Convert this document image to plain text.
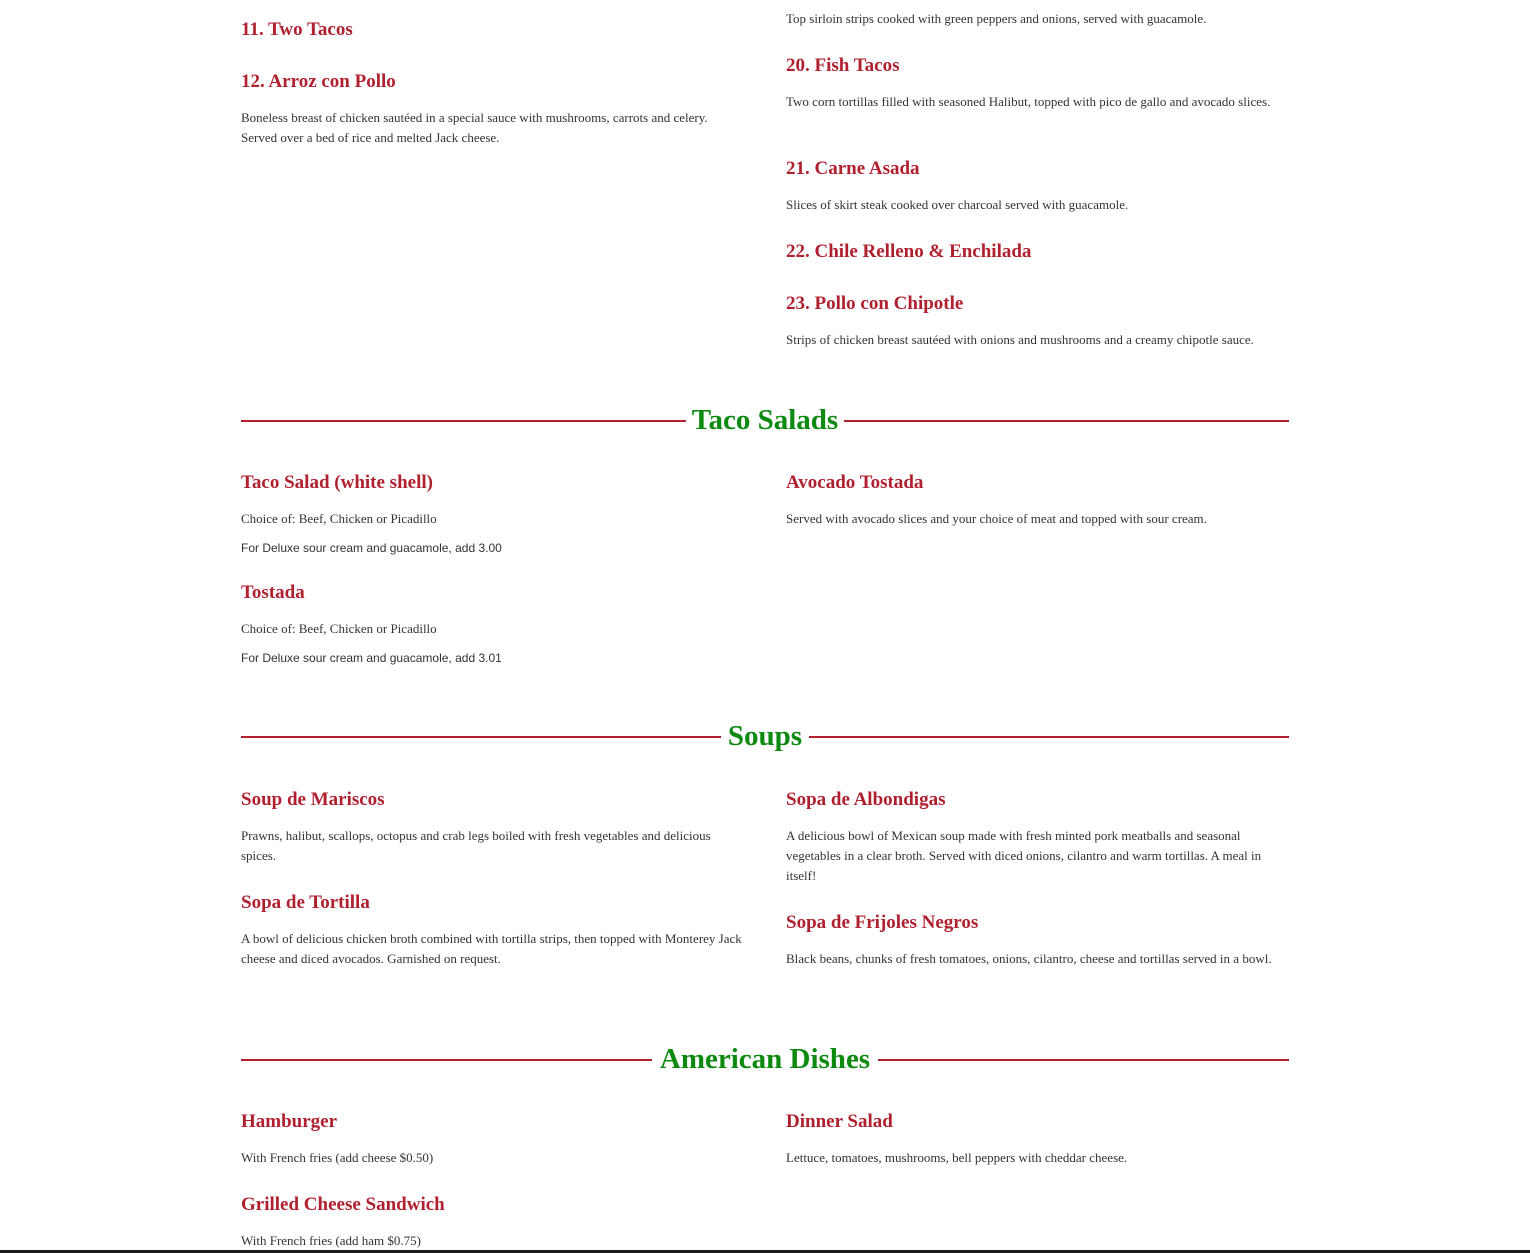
11. Two Tacos
12. Arroz con Pollo

Boneless breast of chicken sautéed in a special sauce with mushrooms, carrots and celery. Served over a bed of rice and melted Jack cheese.

Top sirloin strips cooked with green peppers and onions, served with guacamole.

20. Fish Tacos

Two corn tortillas filled with seasoned Halibut, topped with pico de gallo and avocado slices.

21. Carne Asada

Slices of skirt steak cooked over charcoal served with guacamole.

22. Chile Relleno & Enchilada
23. Pollo con Chipotle

Strips of chicken breast sautéed with onions and mushrooms and a creamy chipotle sauce.

Taco Salads
Taco Salad (white shell)

Choice of: Beef, Chicken or Picadillo

For Deluxe sour cream and guacamole, add 3.00

Tostada

Choice of: Beef, Chicken or Picadillo

For Deluxe sour cream and guacamole, add 3.01

Avocado Tostada

Served with avocado slices and your choice of meat and topped with sour cream.

Soups
Soup de Mariscos

Prawns, halibut, scallops, octopus and crab legs boiled with fresh vegetables and delicious spices.

Sopa de Tortilla

A bowl of delicious chicken broth combined with tortilla strips, then topped with Monterey Jack cheese and diced avocados. Garnished on request.

Sopa de Albondigas

A delicious bowl of Mexican soup made with fresh minted pork meatballs and seasonal vegetables in a clear broth. Served with diced onions, cilantro and warm tortillas. A meal in itself!

Sopa de Frijoles Negros

Black beans, chunks of fresh tomatoes, onions, cilantro, cheese and tortillas served in a bowl.

American Dishes
Hamburger

With French fries (add cheese $0.50)

Grilled Cheese Sandwich

With French fries (add ham $0.75)

Dinner Salad

Lettuce, tomatoes, mushrooms, bell peppers with cheddar cheese.
